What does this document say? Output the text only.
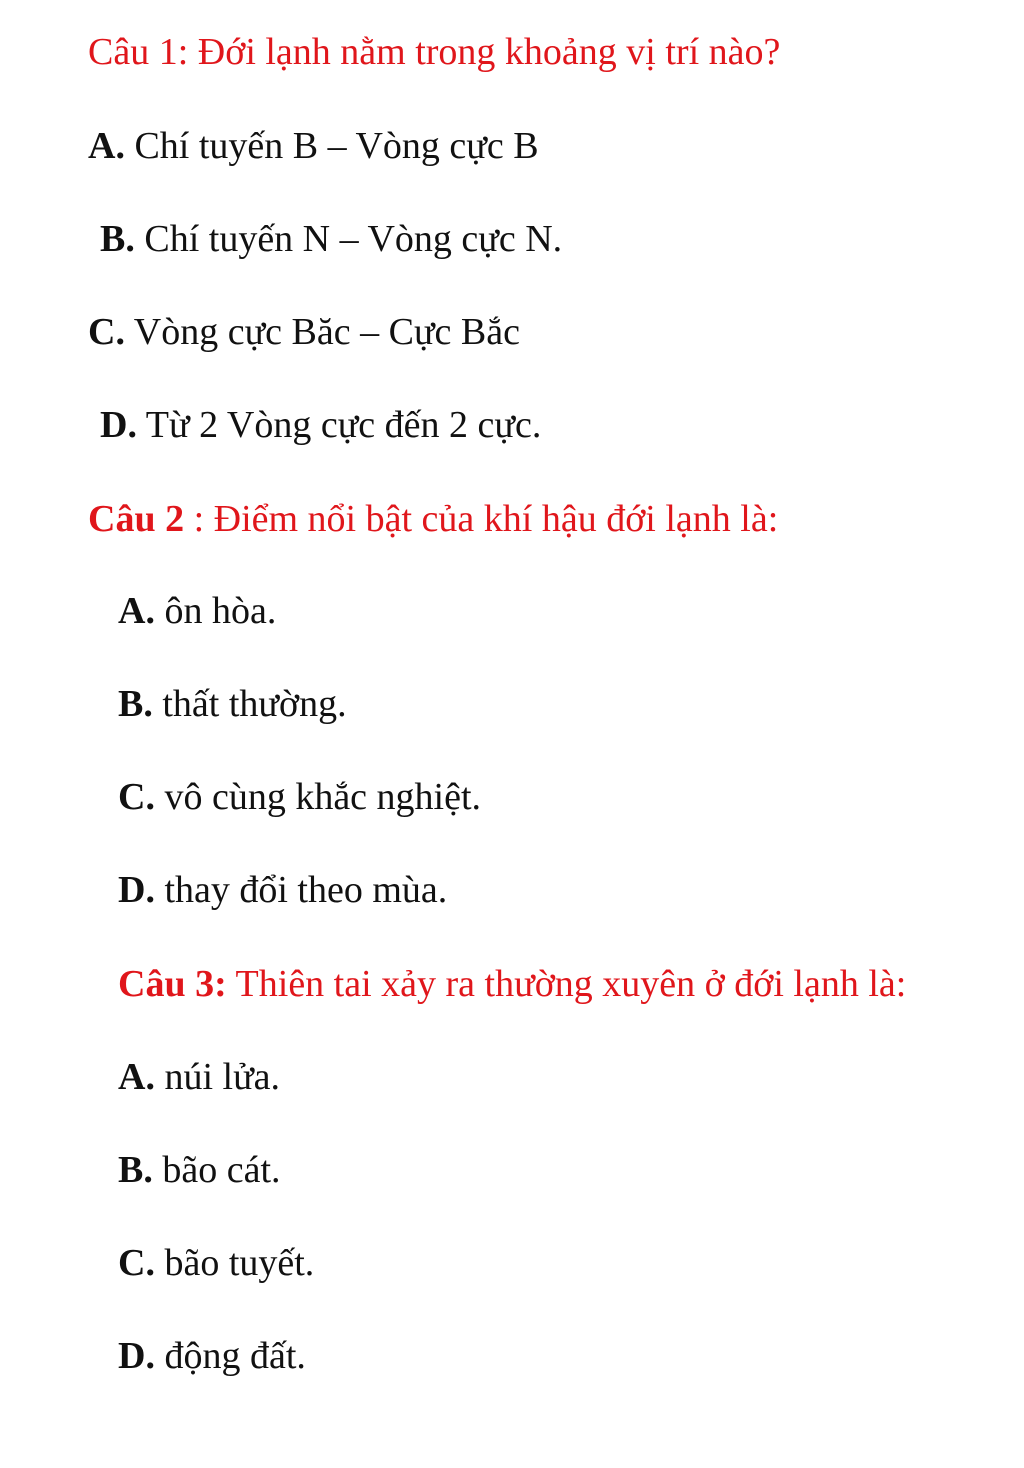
Câu 1: Đới lạnh nằm trong khoảng vị trí nào?
A. Chí tuyến B – Vòng cực B
B. Chí tuyến N – Vòng cực N.
C. Vòng cực Băc – Cực Bắc
D. Từ 2 Vòng cực đến 2 cực.
Câu 2 : Điểm nổi bật của khí hậu đới lạnh là:
A. ôn hòa.
B. thất thường.
C. vô cùng khắc nghiệt.
D. thay đổi theo mùa.
Câu 3: Thiên tai xảy ra thường xuyên ở đới lạnh là:
A. núi lửa.
B. bão cát.
C. bão tuyết.
D. động đất.
